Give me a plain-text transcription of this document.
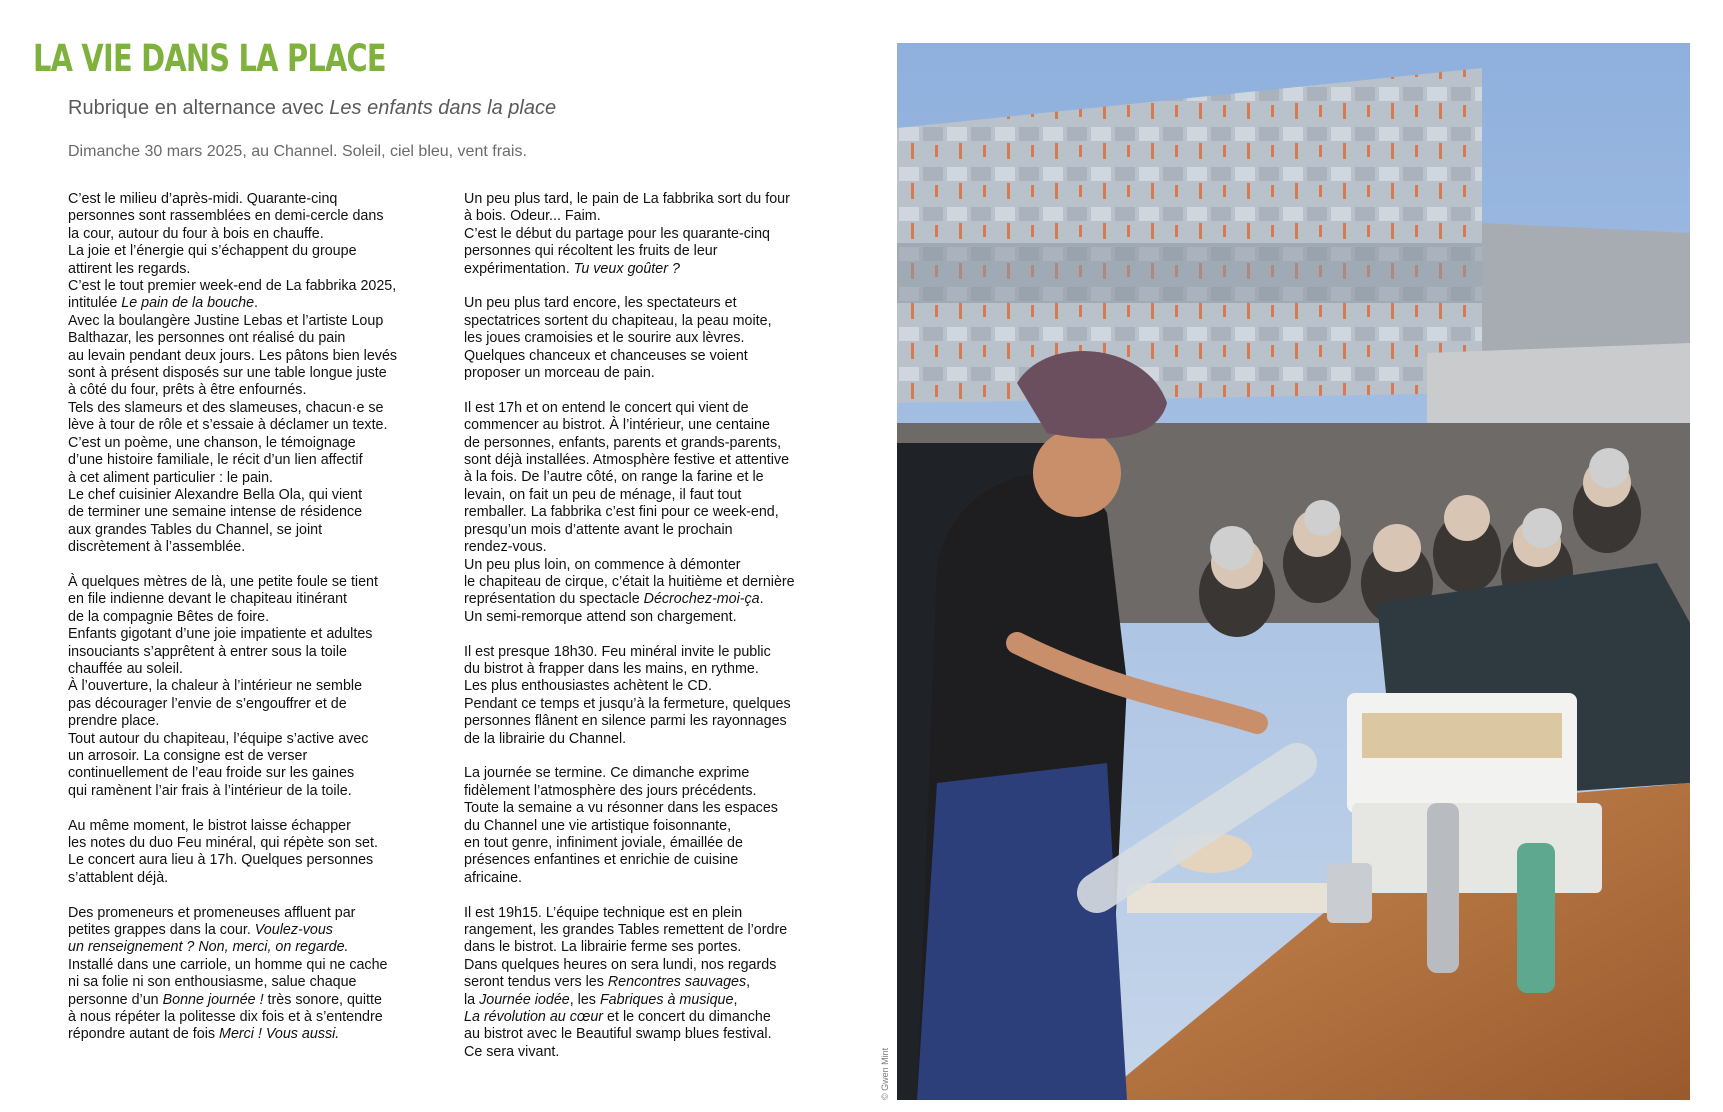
LA VIE DANS LA PLACE
Rubrique en alternance avec Les enfants dans la place
Dimanche 30 mars 2025, au Channel. Soleil, ciel bleu, vent frais.
C’est le milieu d’après-midi. Quarante-cinq
personnes sont rassemblées en demi-cercle dans
la cour, autour du four à bois en chauffe.
La joie et l’énergie qui s’échappent du groupe
attirent les regards.
C’est le tout premier week-end de La fabbrika 2025,
intitulée Le pain de la bouche.
Avec la boulangère Justine Lebas et l’artiste Loup
Balthazar, les personnes ont réalisé du pain
au levain pendant deux jours. Les pâtons bien levés
sont à présent disposés sur une table longue juste
à côté du four, prêts à être enfournés.
Tels des slameurs et des slameuses, chacun·e se
lève à tour de rôle et s’essaie à déclamer un texte.
C’est un poème, une chanson, le témoignage
d’une histoire familiale, le récit d’un lien affectif
à cet aliment particulier : le pain.
Le chef cuisinier Alexandre Bella Ola, qui vient
de terminer une semaine intense de résidence
aux grandes Tables du Channel, se joint
discrètement à l’assemblée.
À quelques mètres de là, une petite foule se tient
en file indienne devant le chapiteau itinérant
de la compagnie Bêtes de foire.
Enfants gigotant d’une joie impatiente et adultes
insouciants s’apprêtent à entrer sous la toile
chauffée au soleil.
À l’ouverture, la chaleur à l’intérieur ne semble
pas décourager l’envie de s’engouffrer et de
prendre place.
Tout autour du chapiteau, l’équipe s’active avec
un arrosoir. La consigne est de verser
continuellement de l’eau froide sur les gaines
qui ramènent l’air frais à l’intérieur de la toile.
Au même moment, le bistrot laisse échapper
les notes du duo Feu minéral, qui répète son set.
Le concert aura lieu à 17h. Quelques personnes
s’attablent déjà.
Des promeneurs et promeneuses affluent par
petites grappes dans la cour. Voulez-vous
un renseignement ? Non, merci, on regarde.
Installé dans une carriole, un homme qui ne cache
ni sa folie ni son enthousiasme, salue chaque
personne d’un Bonne journée ! très sonore, quitte
à nous répéter la politesse dix fois et à s’entendre
répondre autant de fois Merci ! Vous aussi.
Un peu plus tard, le pain de La fabbrika sort du four
à bois. Odeur... Faim.
C’est le début du partage pour les quarante-cinq
personnes qui récoltent les fruits de leur
expérimentation. Tu veux goûter ?
Un peu plus tard encore, les spectateurs et
spectatrices sortent du chapiteau, la peau moite,
les joues cramoisies et le sourire aux lèvres.
Quelques chanceux et chanceuses se voient
proposer un morceau de pain.
Il est 17h et on entend le concert qui vient de
commencer au bistrot. À l’intérieur, une centaine
de personnes, enfants, parents et grands-parents,
sont déjà installées. Atmosphère festive et attentive
à la fois. De l’autre côté, on range la farine et le
levain, on fait un peu de ménage, il faut tout
remballer. La fabbrika c’est fini pour ce week-end,
presqu’un mois d’attente avant le prochain
rendez-vous.
Un peu plus loin, on commence à démonter
le chapiteau de cirque, c’était la huitième et dernière
représentation du spectacle Décrochez-moi-ça.
Un semi-remorque attend son chargement.
Il est presque 18h30. Feu minéral invite le public
du bistrot à frapper dans les mains, en rythme.
Les plus enthousiastes achètent le CD.
Pendant ce temps et jusqu’à la fermeture, quelques
personnes flânent en silence parmi les rayonnages
de la librairie du Channel.
La journée se termine. Ce dimanche exprime
fidèlement l’atmosphère des jours précédents.
Toute la semaine a vu résonner dans les espaces
du Channel une vie artistique foisonnante,
en tout genre, infiniment joviale, émaillée de
présences enfantines et enrichie de cuisine
africaine.
Il est 19h15. L’équipe technique est en plein
rangement, les grandes Tables remettent de l’ordre
dans le bistrot. La librairie ferme ses portes.
Dans quelques heures on sera lundi, nos regards
seront tendus vers les Rencontres sauvages,
la Journée iodée, les Fabriques à musique,
La révolution au cœur et le concert du dimanche
au bistrot avec le Beautiful swamp blues festival.
Ce sera vivant.	© Gwen Mint
